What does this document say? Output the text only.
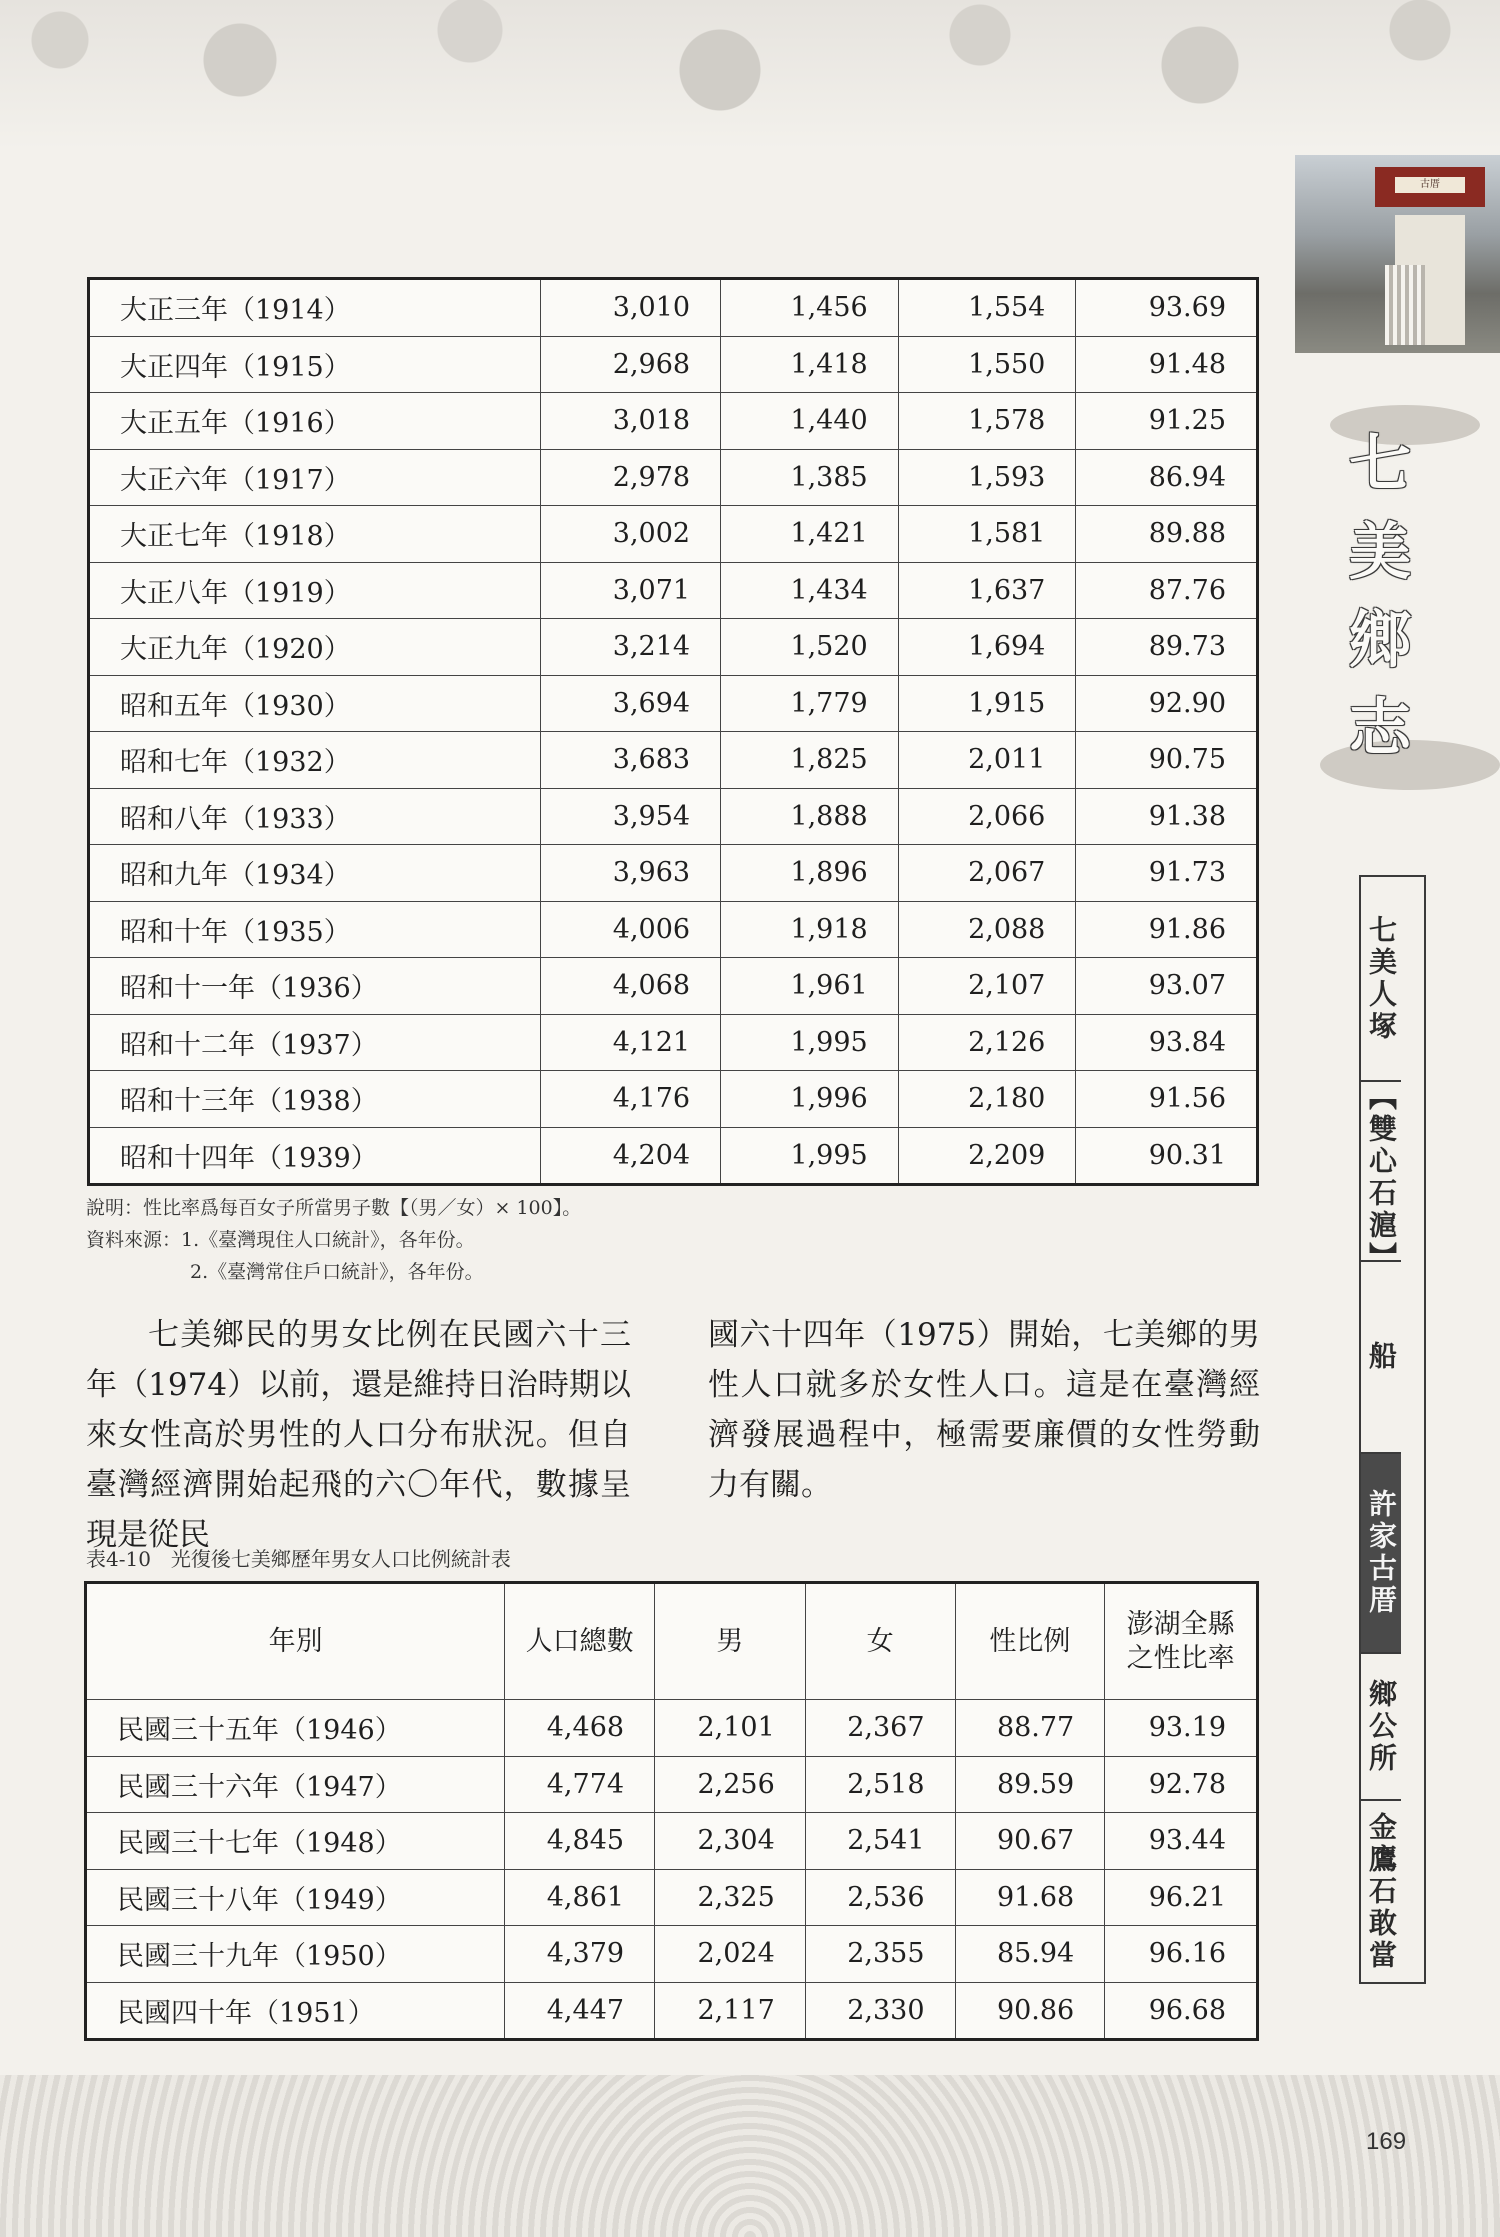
古厝
七美鄉志
七美人塚
【雙心石滬】
船
許家古厝
鄉公所
金鷹石敢當
大正三年（1914）	3,010	1,456	1,554	93.69
大正四年（1915）	2,968	1,418	1,550	91.48
大正五年（1916）	3,018	1,440	1,578	91.25
大正六年（1917）	2,978	1,385	1,593	86.94
大正七年（1918）	3,002	1,421	1,581	89.88
大正八年（1919）	3,071	1,434	1,637	87.76
大正九年（1920）	3,214	1,520	1,694	89.73
昭和五年（1930）	3,694	1,779	1,915	92.90
昭和七年（1932）	3,683	1,825	2,011	90.75
昭和八年（1933）	3,954	1,888	2,066	91.38
昭和九年（1934）	3,963	1,896	2,067	91.73
昭和十年（1935）	4,006	1,918	2,088	91.86
昭和十一年（1936）	4,068	1,961	2,107	93.07
昭和十二年（1937）	4,121	1,995	2,126	93.84
昭和十三年（1938）	4,176	1,996	2,180	91.56
昭和十四年（1939）	4,204	1,995	2,209	90.31
說明：性比率爲每百女子所當男子數【（男／女）× 100】。
資料來源：1.《臺灣現住人口統計》，各年份。
2.《臺灣常住戶口統計》，各年份。
七美鄉民的男女比例在民國六十三年（1974）以前，還是維持日治時期以來女性高於男性的人口分布狀況。但自臺灣經濟開始起飛的六〇年代，數據呈現是從民
國六十四年（1975）開始，七美鄉的男性人口就多於女性人口。這是在臺灣經濟發展過程中，極需要廉價的女性勞動力有關。
表4-10　光復後七美鄉歷年男女人口比例統計表
年別	人口總數	男	女	性比例	澎湖全縣之性比率
民國三十五年（1946）	4,468	2,101	2,367	88.77	93.19
民國三十六年（1947）	4,774	2,256	2,518	89.59	92.78
民國三十七年（1948）	4,845	2,304	2,541	90.67	93.44
民國三十八年（1949）	4,861	2,325	2,536	91.68	96.21
民國三十九年（1950）	4,379	2,024	2,355	85.94	96.16
民國四十年（1951）	4,447	2,117	2,330	90.86	96.68
169
